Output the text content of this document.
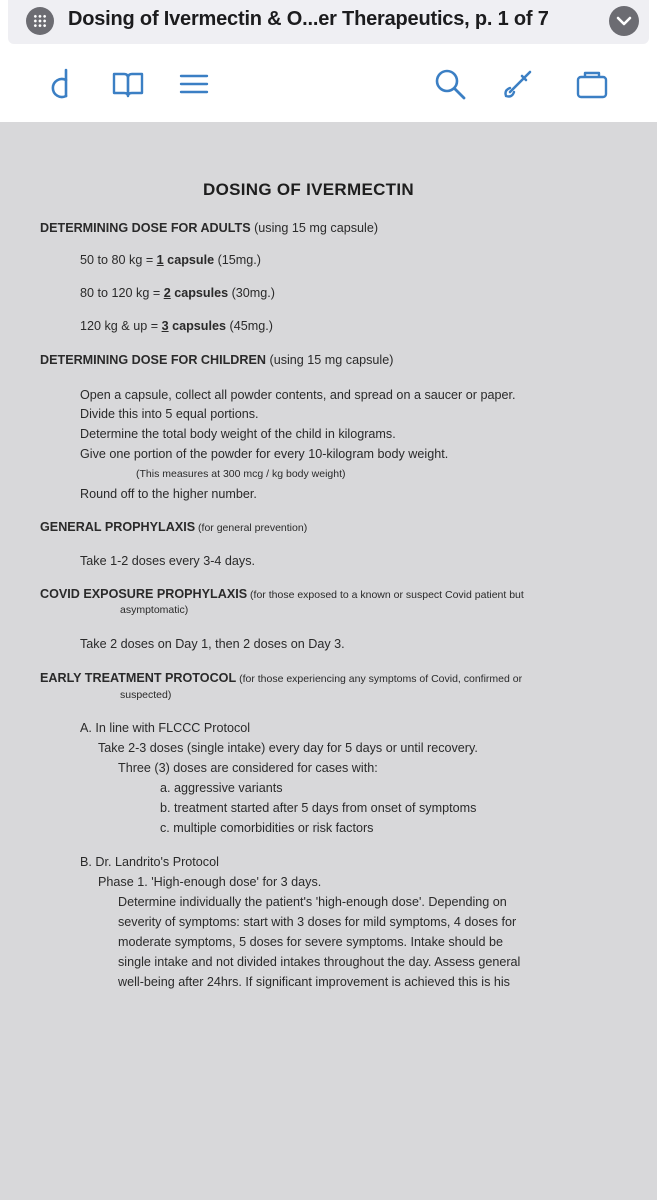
Dosing of Ivermectin & O...er Therapeutics, p. 1 of 7
DOSING OF IVERMECTIN
DETERMINING DOSE FOR ADULTS (using 15 mg capsule)
50 to 80 kg = 1 capsule (15mg.)
80 to 120 kg = 2 capsules (30mg.)
120 kg & up = 3 capsules (45mg.)
DETERMINING DOSE FOR CHILDREN (using 15 mg capsule)
Open a capsule, collect all powder contents, and spread on a saucer or paper.
Divide this into 5 equal portions.
Determine the total body weight of the child in kilograms.
Give one portion of the powder for every 10-kilogram body weight.
(This measures at 300 mcg / kg body weight)
Round off to the higher number.
GENERAL PROPHYLAXIS (for general prevention)
Take 1-2 doses every 3-4 days.
COVID EXPOSURE PROPHYLAXIS (for those exposed to a known or suspect Covid patient but
asymptomatic)
Take 2 doses on Day 1, then 2 doses on Day 3.
EARLY TREATMENT PROTOCOL (for those experiencing any symptoms of Covid, confirmed or
suspected)
A. In line with FLCCC Protocol
Take 2-3 doses (single intake) every day for 5 days or until recovery.
Three (3) doses are considered for cases with:
a. aggressive variants
b. treatment started after 5 days from onset of symptoms
c. multiple comorbidities or risk factors
B. Dr. Landrito's Protocol
Phase 1. 'High-enough dose' for 3 days.
Determine individually the patient's 'high-enough dose'. Depending on
severity of symptoms: start with 3 doses for mild symptoms, 4 doses for
moderate symptoms, 5 doses for severe symptoms. Intake should be
single intake and not divided intakes throughout the day. Assess general
well-being after 24hrs. If significant improvement is achieved this is his
